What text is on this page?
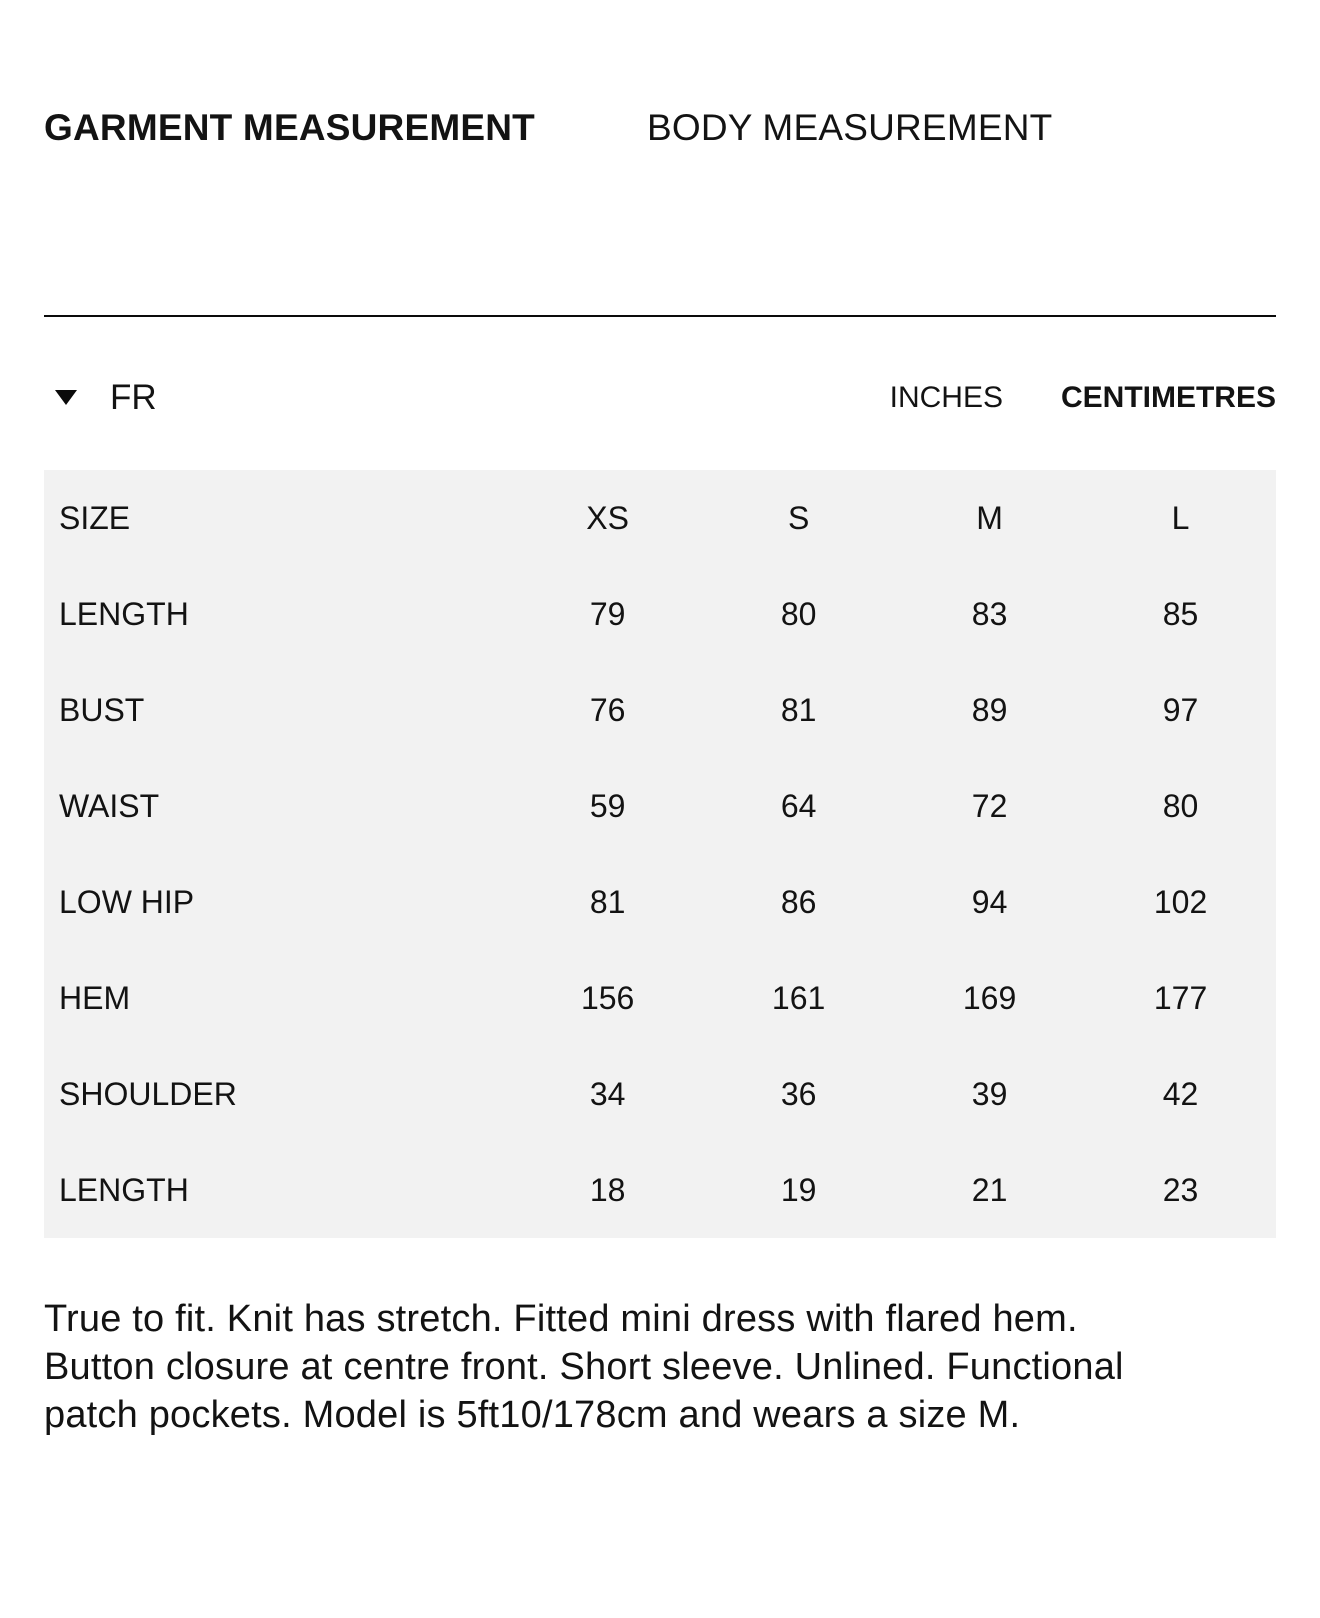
GARMENT MEASUREMENT	BODY MEASUREMENT
FR	INCHES CENTIMETRES
SIZE	XS	S	M	L
LENGTH	79	80	83	85
BUST	76	81	89	97
WAIST	59	64	72	80
LOW HIP	81	86	94	102
HEM	156	161	169	177
SHOULDER	34	36	39	42
LENGTH	18	19	21	23
True to fit. Knit has stretch. Fitted mini dress with flared hem.
Button closure at centre front. Short sleeve. Unlined. Functional
patch pockets. Model is 5ft10/178cm and wears a size M.
